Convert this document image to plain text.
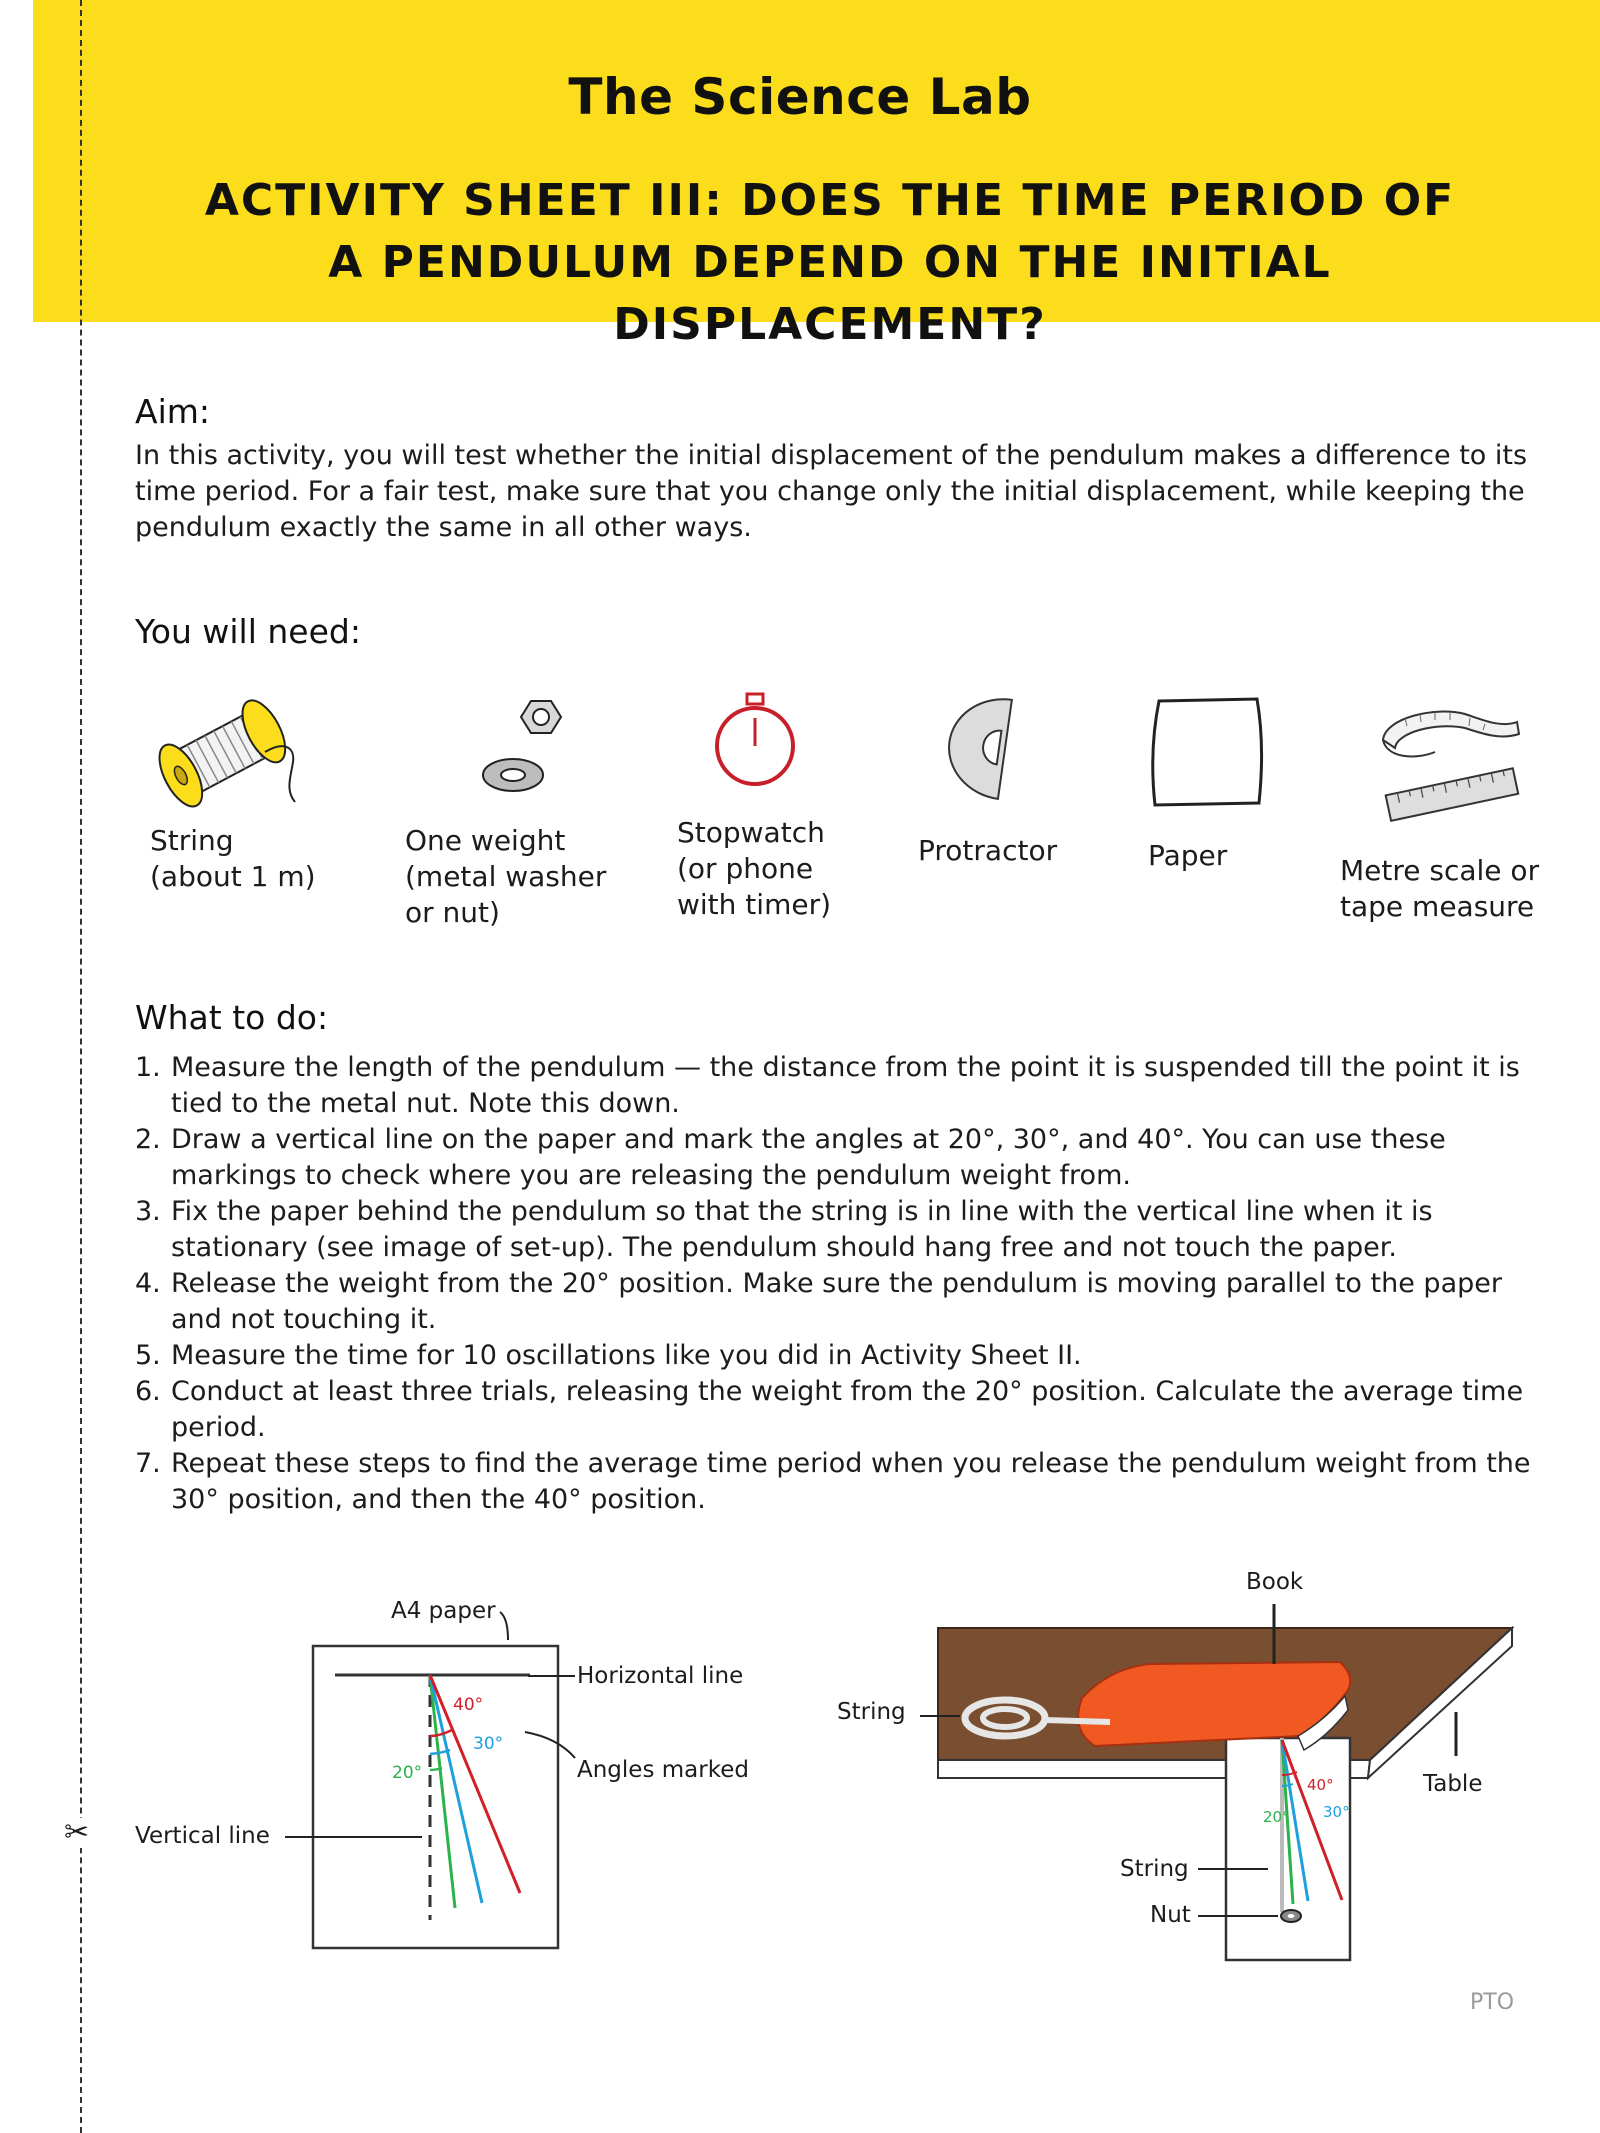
The Science Lab
ACTIVITY SHEET III: DOES THE TIME PERIOD OF A PENDULUM DEPEND ON THE INITIAL DISPLACEMENT?
✂
Aim:
In this activity, you will test whether the initial displacement of the pendulum makes a difference to its time period. For a fair test, make sure that you change only the initial displacement, while keeping the pendulum exactly the same in all other ways.
You will need:
String
(about 1 m)
One weight
(metal washer
or nut)
Stopwatch
(or phone
with timer)
Protractor	Paper	Metre scale or
tape measure
What to do:
1. Measure the length of the pendulum — the distance from the point it is suspended till the point it is tied to the metal nut. Note this down.
2. Draw a vertical line on the paper and mark the angles at 20°, 30°, and 40°. You can use these markings to check where you are releasing the pendulum weight from.
3. Fix the paper behind the pendulum so that the string is in line with the vertical line when it is stationary (see image of set-up). The pendulum should hang free and not touch the paper.
4. Release the weight from the 20° position. Make sure the pendulum is moving parallel to the paper and not touching it.
5. Measure the time for 10 oscillations like you did in Activity Sheet II.
6. Conduct at least three trials, releasing the weight from the 20° position. Calculate the average time period.
7. Repeat these steps to find the average time period when you release the pendulum weight from the 30° position, and then the 40° position.
40°
30°
20°
A4 paper
Horizontal line
Angles marked
Vertical line
40°
30°
20°
Book
String
Table
String
Nut
PTO
